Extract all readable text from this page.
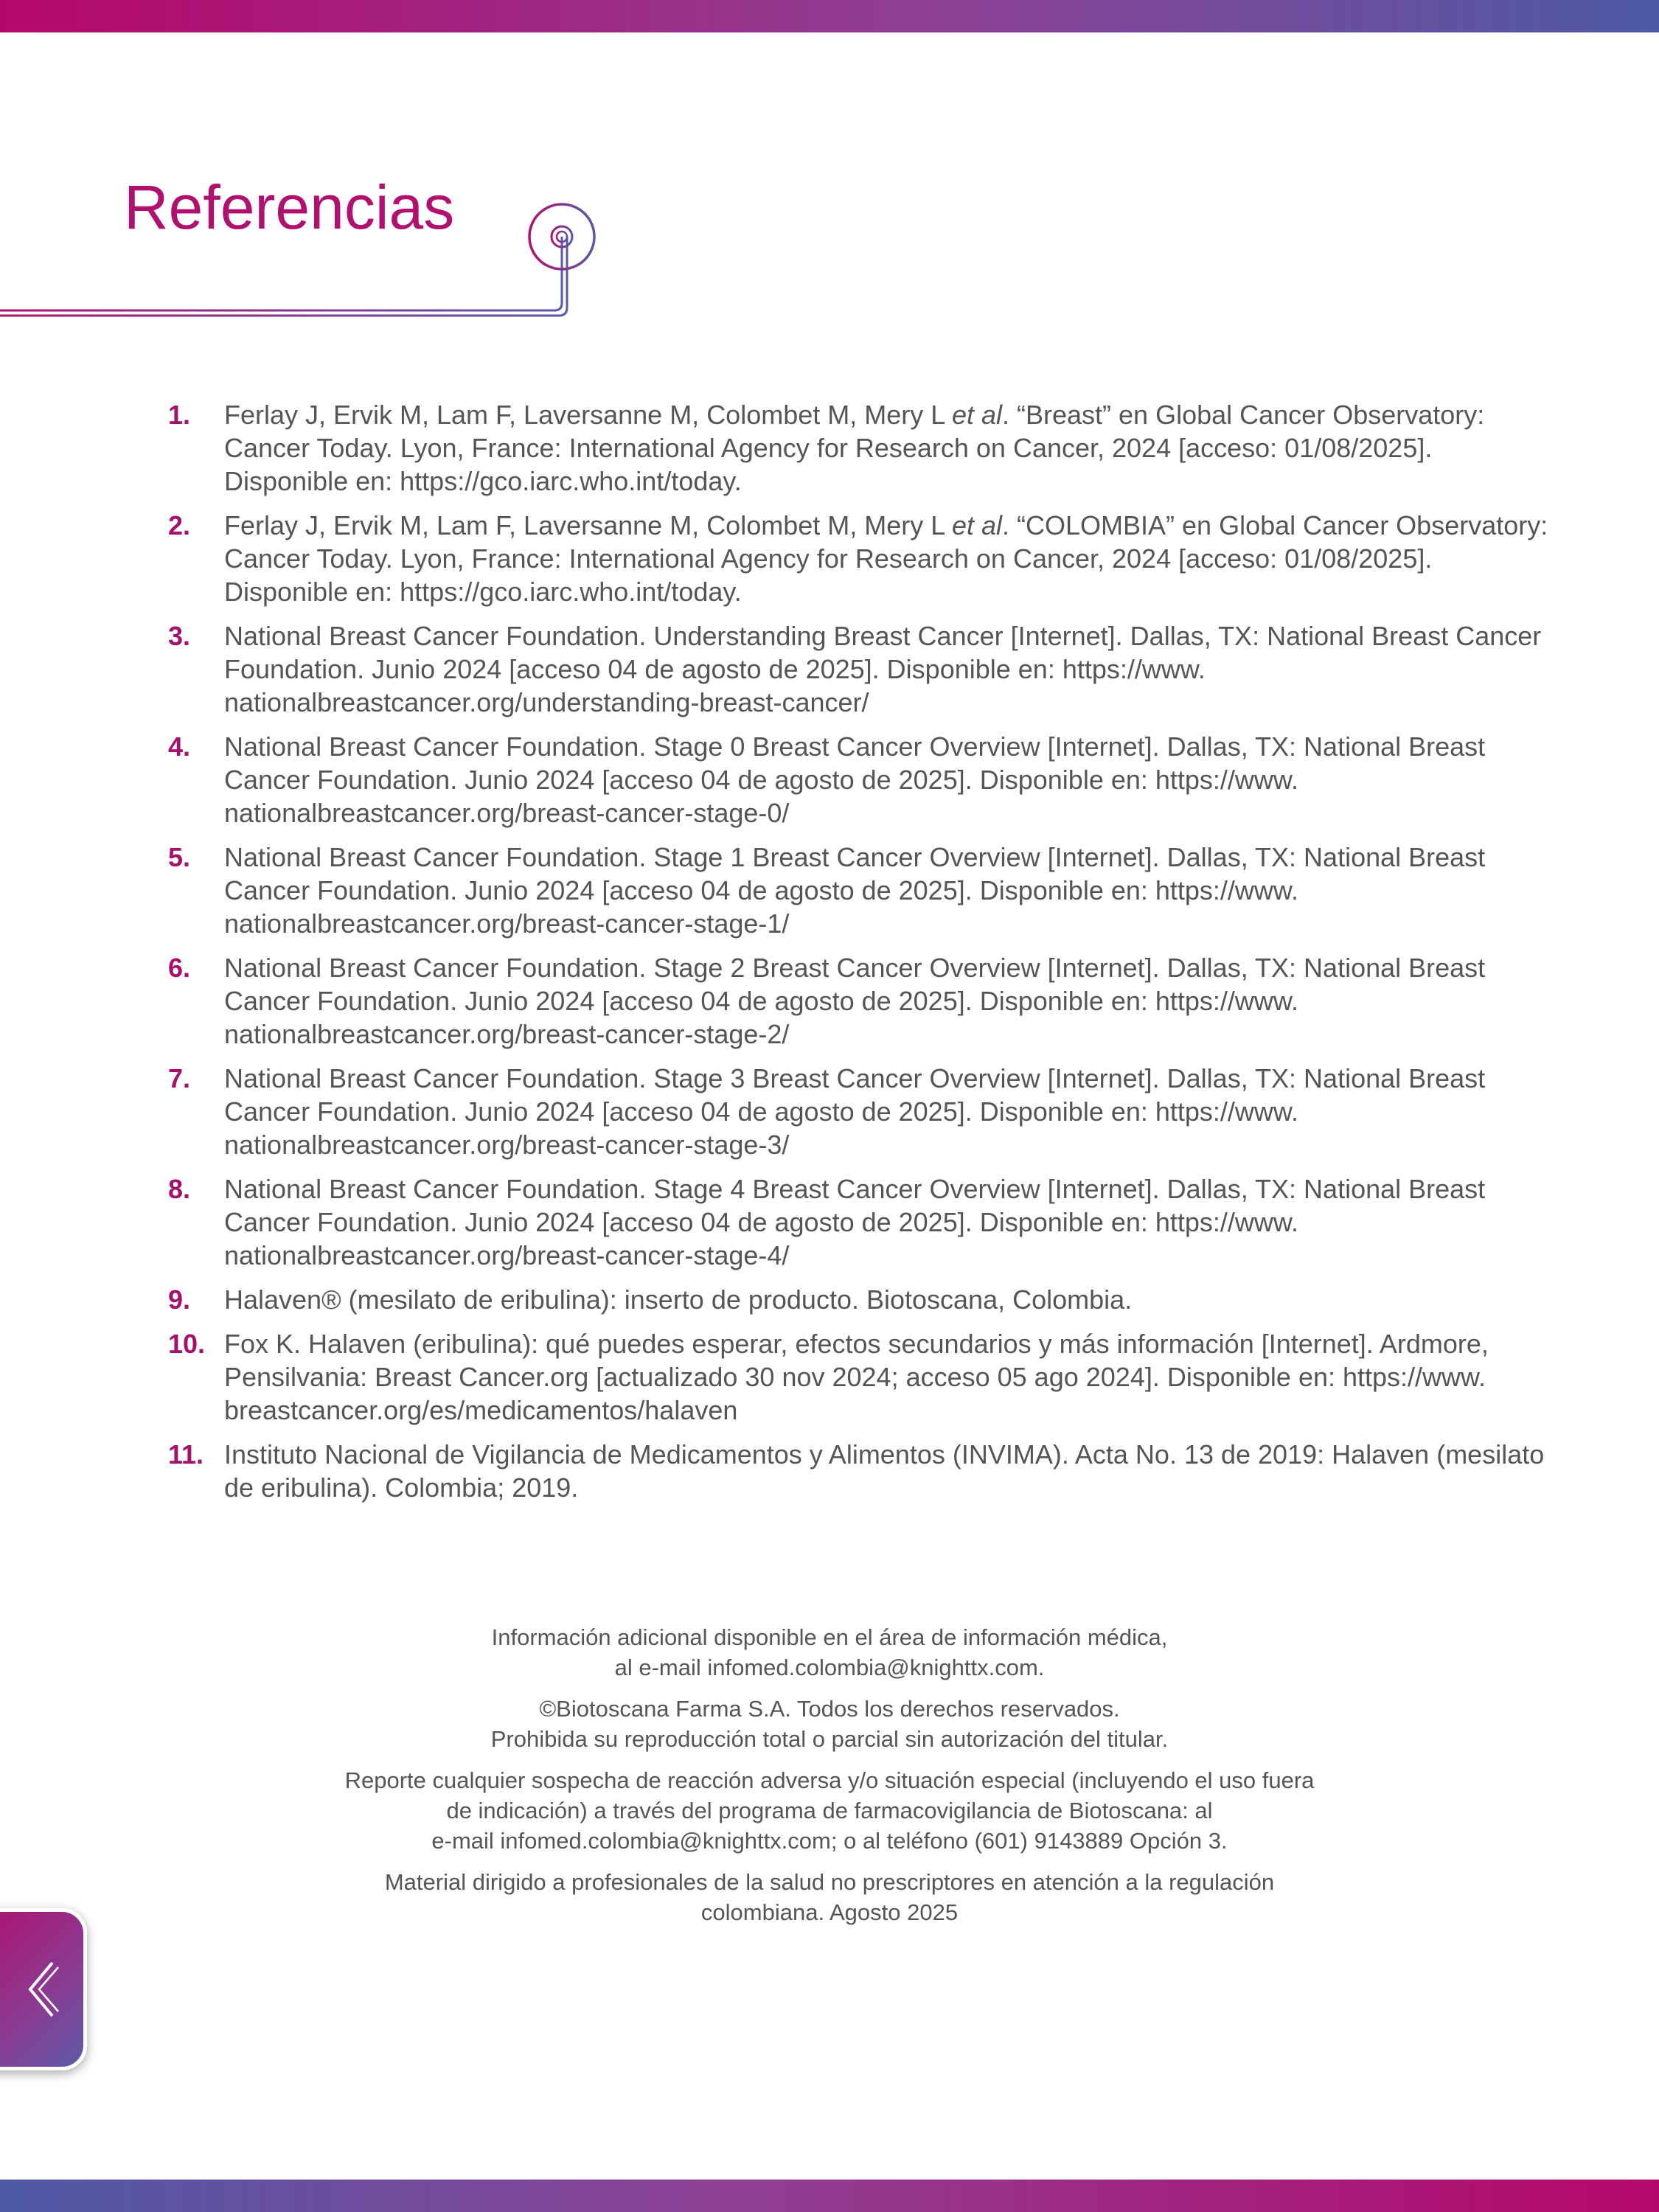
Referencias
1. Ferlay J, Ervik M, Lam F, Laversanne M, Colombet M, Mery L et al. “Breast” en Global Cancer Observatory: Cancer Today. Lyon, France: International Agency for Research on Cancer, 2024 [acceso: 01/08/2025]. Disponible en: https://gco.iarc.who.int/today.
2. Ferlay J, Ervik M, Lam F, Laversanne M, Colombet M, Mery L et al. “COLOMBIA” en Global Cancer Observatory: Cancer Today. Lyon, France: International Agency for Research on Cancer, 2024 [acceso: 01/08/2025]. Disponible en: https://gco.iarc.who.int/today.
3. National Breast Cancer Foundation. Understanding Breast Cancer [Internet]. Dallas, TX: National Breast Cancer Foundation. Junio 2024 [acceso 04 de agosto de 2025]. Disponible en: https://www. nationalbreastcancer.org/understanding-breast-cancer/
4. National Breast Cancer Foundation. Stage 0 Breast Cancer Overview [Internet]. Dallas, TX: National Breast Cancer Foundation. Junio 2024 [acceso 04 de agosto de 2025]. Disponible en: https://www. nationalbreastcancer.org/breast-cancer-stage-0/
5. National Breast Cancer Foundation. Stage 1 Breast Cancer Overview [Internet]. Dallas, TX: National Breast Cancer Foundation. Junio 2024 [acceso 04 de agosto de 2025]. Disponible en: https://www. nationalbreastcancer.org/breast-cancer-stage-1/
6. National Breast Cancer Foundation. Stage 2 Breast Cancer Overview [Internet]. Dallas, TX: National Breast Cancer Foundation. Junio 2024 [acceso 04 de agosto de 2025]. Disponible en: https://www. nationalbreastcancer.org/breast-cancer-stage-2/
7. National Breast Cancer Foundation. Stage 3 Breast Cancer Overview [Internet]. Dallas, TX: National Breast Cancer Foundation. Junio 2024 [acceso 04 de agosto de 2025]. Disponible en: https://www. nationalbreastcancer.org/breast-cancer-stage-3/
8. National Breast Cancer Foundation. Stage 4 Breast Cancer Overview [Internet]. Dallas, TX: National Breast Cancer Foundation. Junio 2024 [acceso 04 de agosto de 2025]. Disponible en: https://www. nationalbreastcancer.org/breast-cancer-stage-4/
9. Halaven® (mesilato de eribulina): inserto de producto. Biotoscana, Colombia.
10. Fox K. Halaven (eribulina): qué puedes esperar, efectos secundarios y más información [Internet]. Ardmore, Pensilvania: Breast Cancer.org [actualizado 30 nov 2024; acceso 05 ago 2024]. Disponible en: https://www. breastcancer.org/es/medicamentos/halaven
11. Instituto Nacional de Vigilancia de Medicamentos y Alimentos (INVIMA). Acta No. 13 de 2019: Halaven (mesilato de eribulina). Colombia; 2019.

Información adicional disponible en el área de información médica,
al e-mail infomed.colombia@knighttx.com.

©Biotoscana Farma S.A. Todos los derechos reservados.
Prohibida su reproducción total o parcial sin autorización del titular.

Reporte cualquier sospecha de reacción adversa y/o situación especial (incluyendo el uso fuera
de indicación) a través del programa de farmacovigilancia de Biotoscana: al
e-mail infomed.colombia@knighttx.com; o al teléfono (601) 9143889 Opción 3.

Material dirigido a profesionales de la salud no prescriptores en atención a la regulación
colombiana. Agosto 2025
